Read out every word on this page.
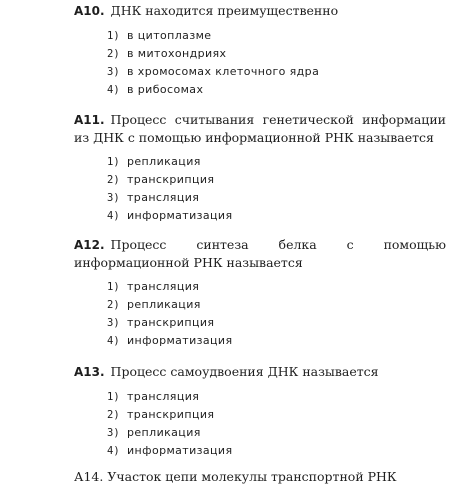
А10. ДНК находится преимущественно
1) в цитоплазме
2) в митохондриях
3) в хромосомах клеточного ядра
4) в рибосомах
А11. Процесс считывания генетической информации из ДНК с помощью информационной РНК называется
1) репликация
2) транскрипция
3) трансляция
4) информатизация
А12. Процесс синтеза белка с помощью информационной РНК называется
1) трансляция
2) репликация
3) транскрипция
4) информатизация
А13. Процесс самоудвоения ДНК называется
1) трансляция
2) транскрипция
3) репликация
4) информатизация
А14. Участок цепи молекулы транспортной РНК
